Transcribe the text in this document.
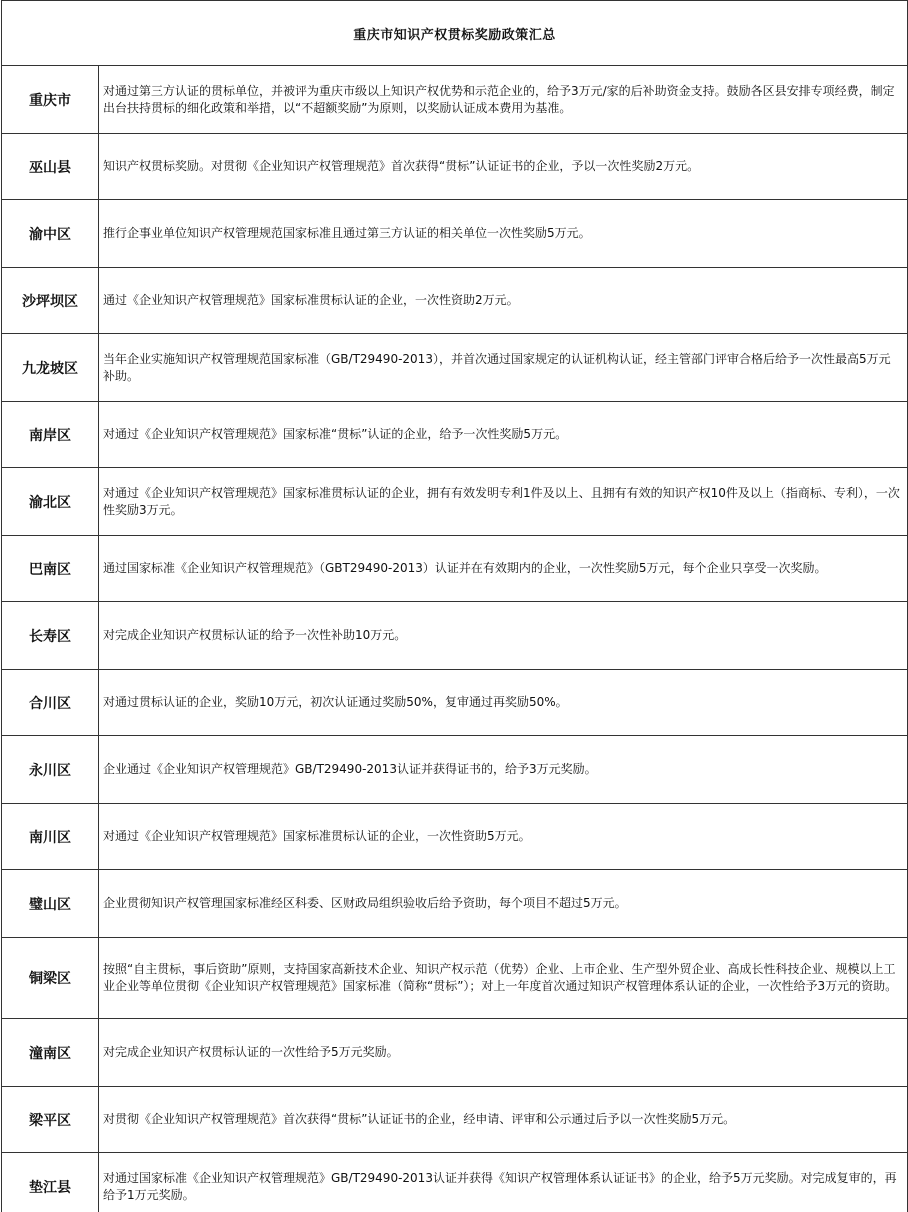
重庆市知识产权贯标奖励政策汇总	
重庆市	对通过第三方认证的贯标单位，并被评为重庆市级以上知识产权优势和示范企业的，给予3万元/家的后补助资金支持。鼓励各区县安排专项经费，制定出台扶持贯标的细化政策和举措，以“不超额奖励”为原则，以奖励认证成本费用为基准。
巫山县	知识产权贯标奖励。对贯彻《企业知识产权管理规范》首次获得“贯标”认证证书的企业，予以一次性奖励2万元。
渝中区	推行企事业单位知识产权管理规范国家标准且通过第三方认证的相关单位一次性奖励5万元。
沙坪坝区	通过《企业知识产权管理规范》国家标准贯标认证的企业，一次性资助2万元。
九龙坡区	当年企业实施知识产权管理规范国家标准（GB/T29490-2013），并首次通过国家规定的认证机构认证，经主管部门评审合格后给予一次性最高5万元补助。
南岸区	对通过《企业知识产权管理规范》国家标准“贯标”认证的企业，给予一次性奖励5万元。
渝北区	对通过《企业知识产权管理规范》国家标准贯标认证的企业，拥有有效发明专利1件及以上、且拥有有效的知识产权10件及以上（指商标、专利），一次性奖励3万元。
巴南区	通过国家标准《企业知识产权管理规范》（GBT29490-2013）认证并在有效期内的企业，一次性奖励5万元，每个企业只享受一次奖励。
长寿区	对完成企业知识产权贯标认证的给予一次性补助10万元。
合川区	对通过贯标认证的企业，奖励10万元，初次认证通过奖励50%，复审通过再奖励50%。
永川区	企业通过《企业知识产权管理规范》GB/T29490-2013认证并获得证书的，给予3万元奖励。
南川区	对通过《企业知识产权管理规范》国家标准贯标认证的企业，一次性资助5万元。
璧山区	企业贯彻知识产权管理国家标准经区科委、区财政局组织验收后给予资助，每个项目不超过5万元。
铜梁区	按照“自主贯标，事后资助”原则，支持国家高新技术企业、知识产权示范（优势）企业、上市企业、生产型外贸企业、高成长性科技企业、规模以上工业企业等单位贯彻《企业知识产权管理规范》国家标准（简称“贯标”）；对上一年度首次通过知识产权管理体系认证的企业，一次性给予3万元的资助。
潼南区	对完成企业知识产权贯标认证的一次性给予5万元奖励。
梁平区	对贯彻《企业知识产权管理规范》首次获得“贯标”认证证书的企业，经申请、评审和公示通过后予以一次性奖励5万元。
垫江县	对通过国家标准《企业知识产权管理规范》GB/T29490-2013认证并获得《知识产权管理体系认证证书》的企业，给予5万元奖励。对完成复审的，再给予1万元奖励。
